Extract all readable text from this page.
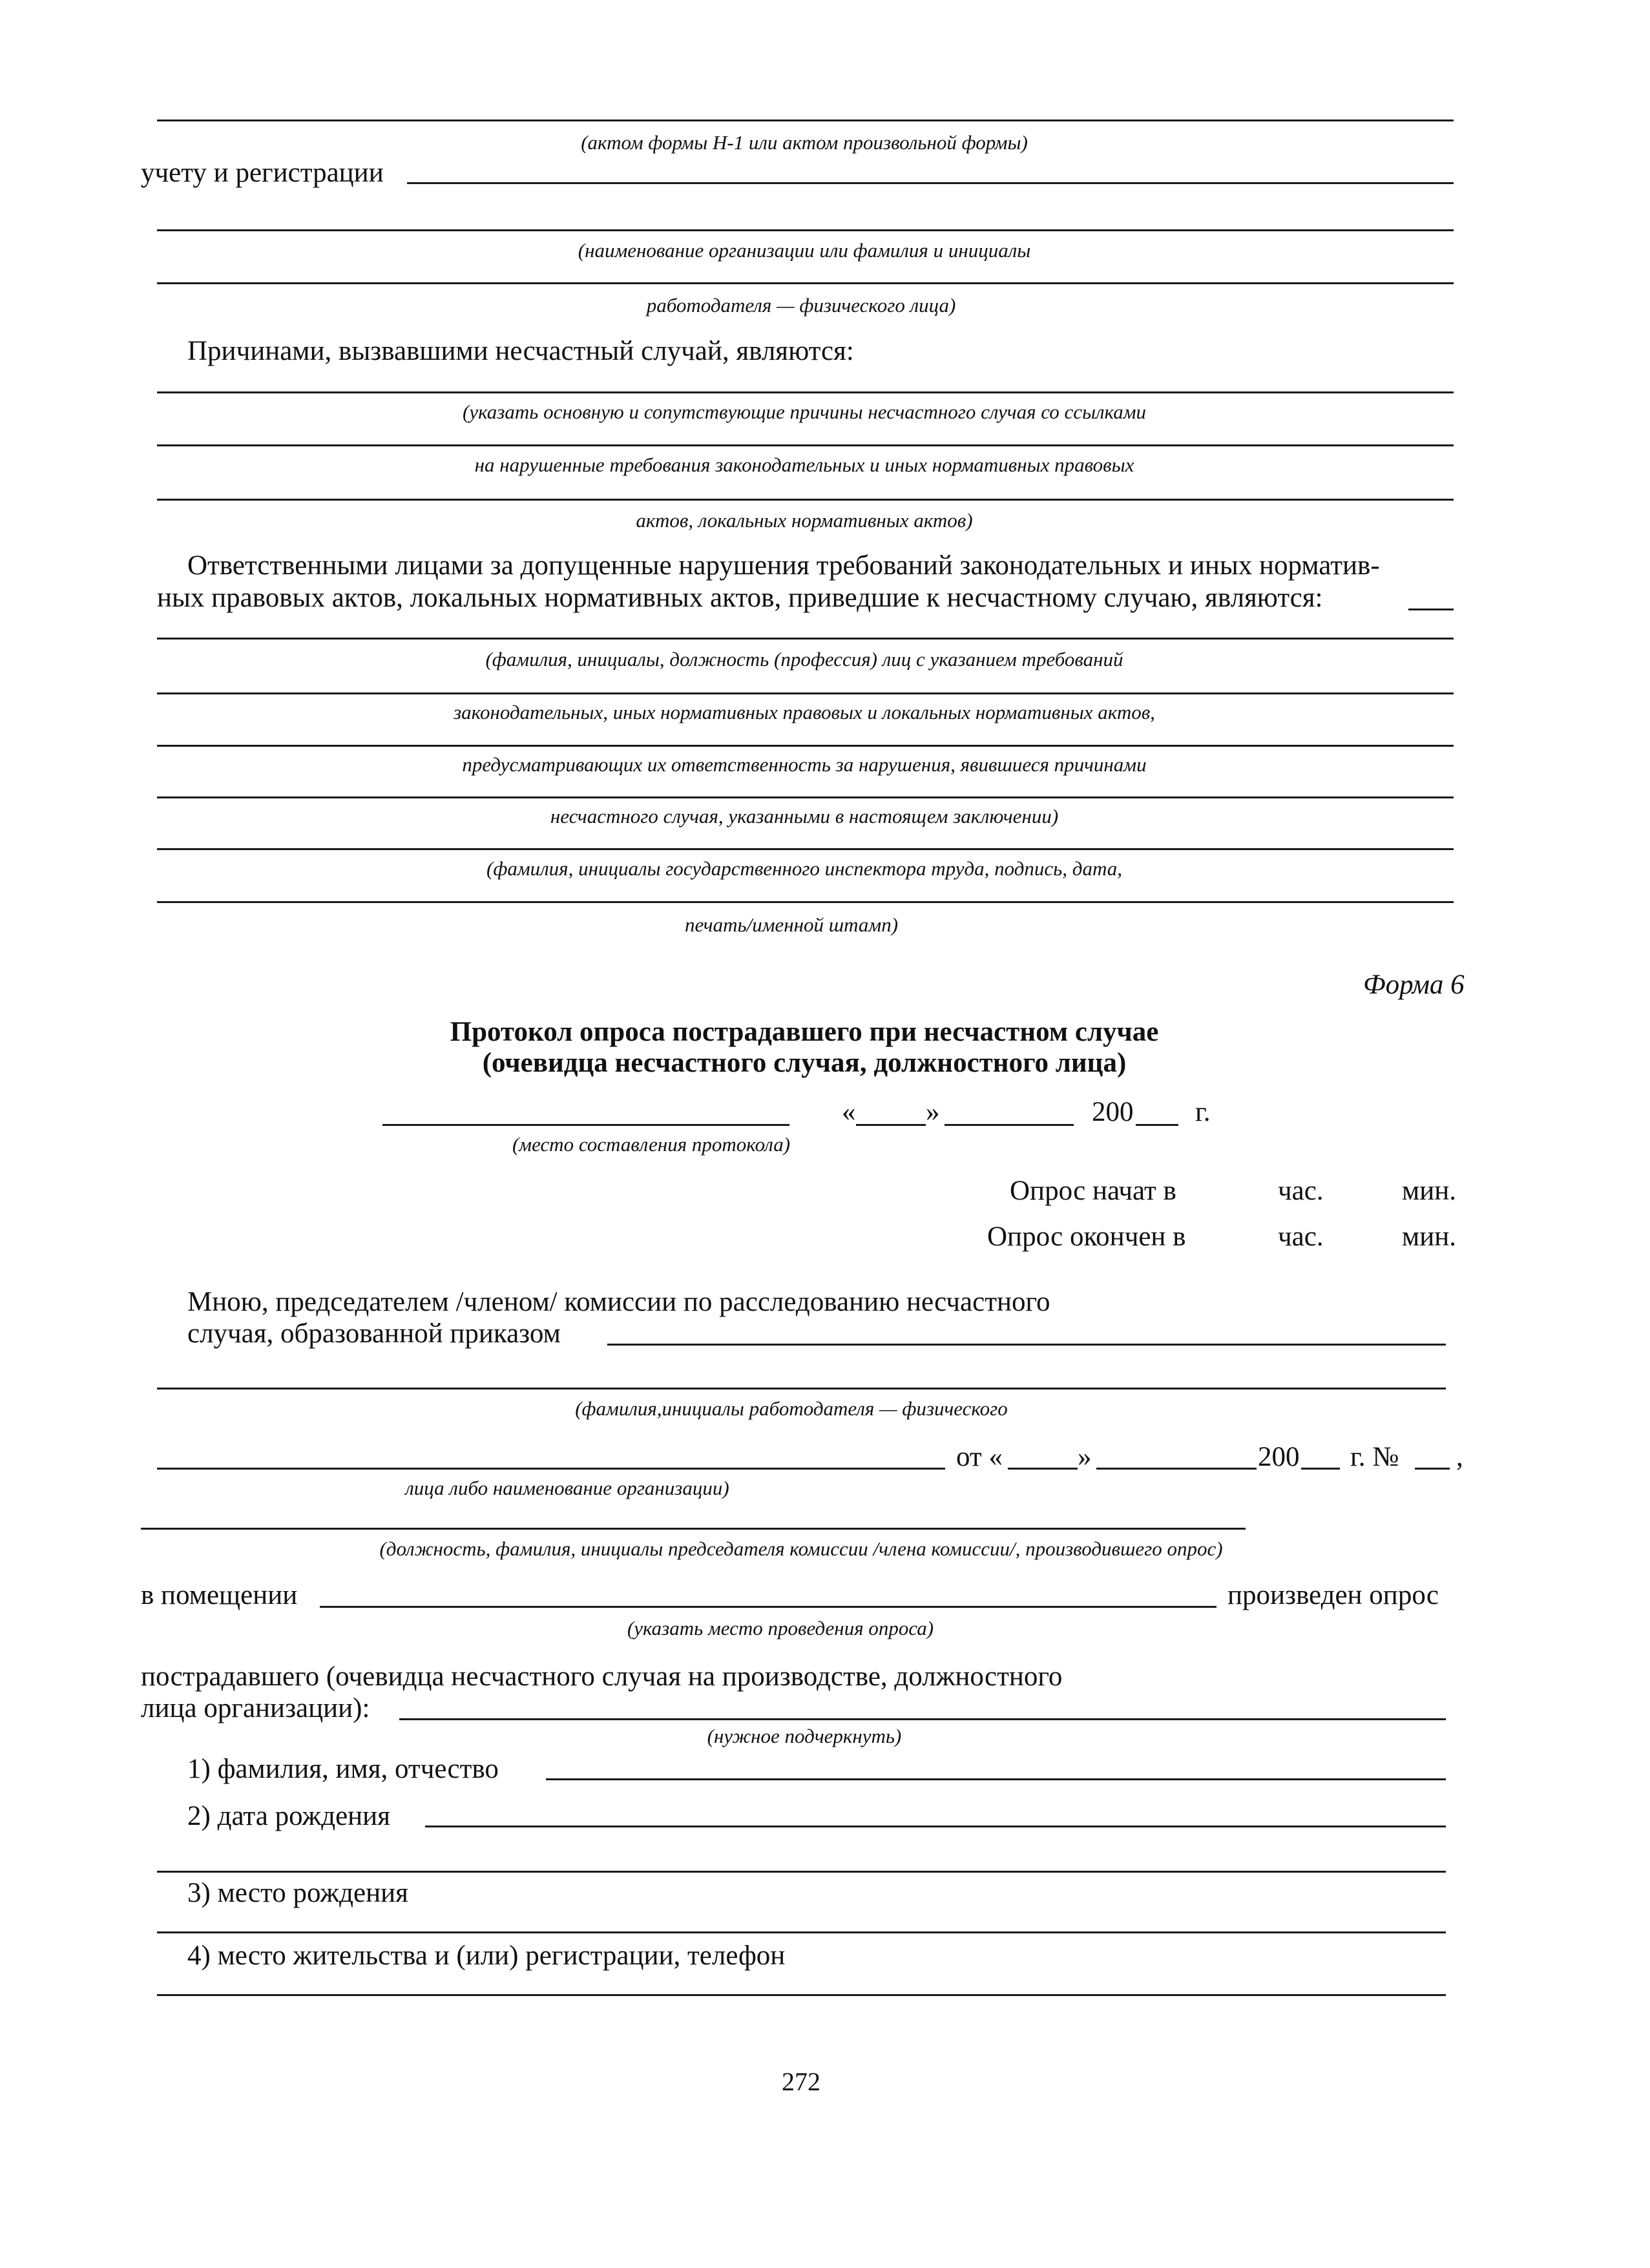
(актом формы Н-1 или актом произвольной формы)
учету и регистрации
(наименование организации или фамилия и инициалы
работодателя — физического лица)
Причинами, вызвавшими несчастный случай, являются:
(указать основную и сопутствующие причины несчастного случая со ссылками
на нарушенные требования законодательных и иных нормативных правовых
актов, локальных нормативных актов)
Ответственными лицами за допущенные нарушения требований законодательных и иных норматив-
ных правовых актов, локальных нормативных актов, приведшие к несчастному случаю, являются:
(фамилия, инициалы, должность (профессия) лиц с указанием требований
законодательных, иных нормативных правовых и локальных нормативных актов,
предусматривающих их ответственность за нарушения, явившиеся причинами
несчастного случая, указанными в настоящем заключении)
(фамилия, инициалы государственного инспектора труда, подпись, дата,
печать/именной штамп)
Форма 6
Протокол опроса пострадавшего при несчастном случае
(очевидца несчастного случая, должностного лица)
«	»	200 г.
(место составления протокола)
Опрос начат в	час.	мин.
Опрос окончен в	час.	мин.
Мною, председателем /членом/ комиссии по расследованию несчастного
случая, образованной приказом
(фамилия,инициалы работодателя — физического
от «	»	200 г. № ,
лица либо наименование организации)
(должность, фамилия, инициалы председателя комиссии /члена комиссии/, производившего опрос)
в помещении	произведен опрос
(указать место проведения опроса)
пострадавшего (очевидца несчастного случая на производстве, должностного
лица организации):
(нужное подчеркнуть)
1) фамилия, имя, отчество
2) дата рождения
3) место рождения
4) место жительства и (или) регистрации, телефон
272
